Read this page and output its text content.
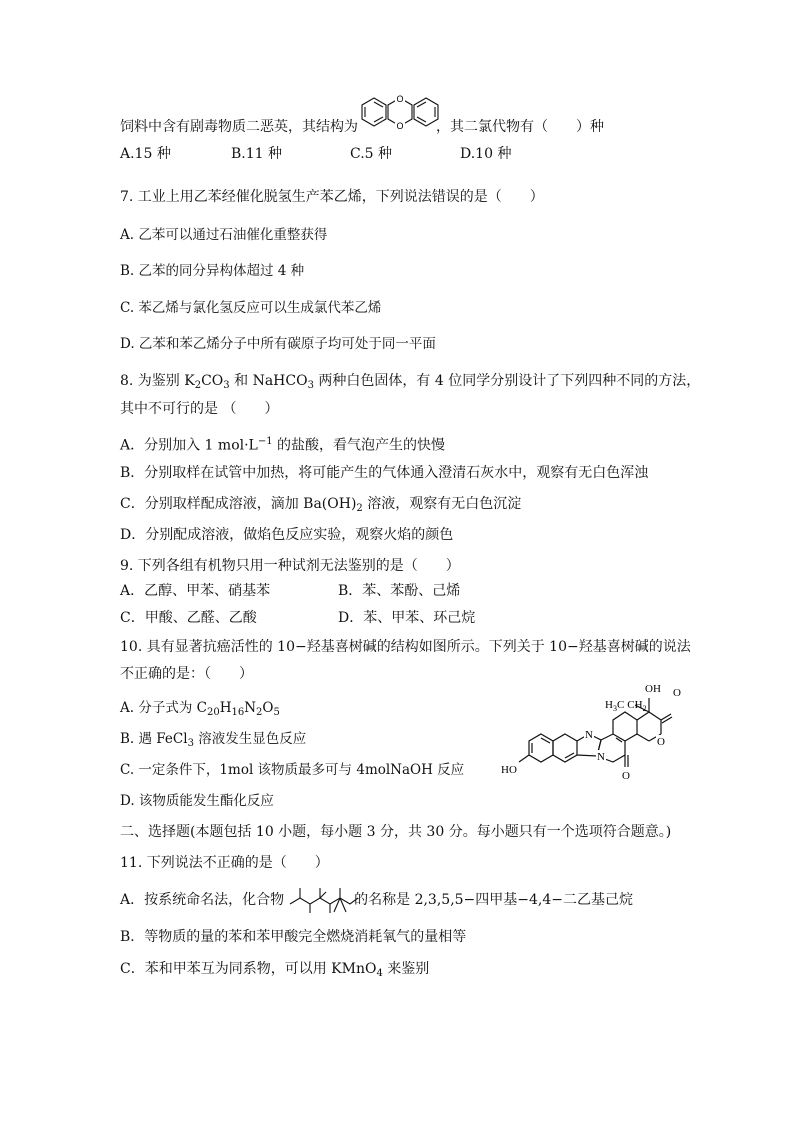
饲料中含有剧毒物质二恶英，其结构为	，其二氯代物有（　　）种
O
O
A.15 种	B.11 种	C.5 种	D.10 种
7. 工业上用乙苯经催化脱氢生产苯乙烯，下列说法错误的是（　　）
A. 乙苯可以通过石油催化重整获得
B. 乙苯的同分异构体超过 4 种
C. 苯乙烯与氯化氢反应可以生成氯代苯乙烯
D. 乙苯和苯乙烯分子中所有碳原子均可处于同一平面
8. 为鉴别 $K_2CO_3$ 和 NaHCO$_3$ 两种白色固体，有 4 位同学分别设计了下列四种不同的方法，
其中不可行的是 （　　）
A．分别加入 1 $mol\cdot L^{-1}$ 的盐酸，看气泡产生的快慢
B．分别取样在试管中加热，将可能产生的气体通入澄清石灰水中，观察有无白色浑浊
C．分别取样配成溶液，滴加 $Ba(OH)_2$ 溶液，观察有无白色沉淀
D．分别配成溶液，做焰色反应实验，观察火焰的颜色
9. 下列各组有机物只用一种试剂无法鉴别的是（　　）
A．乙醇、甲苯、硝基苯	B．苯、苯酚、己烯
C．甲酸、乙醛、乙酸	D．苯、甲苯、环己烷
10. 具有显著抗癌活性的 10−羟基喜树碱的结构如图所示。下列关于 10−羟基喜树碱的说法
不正确的是：（　　）
A. 分子式为 $C_{20}H_{16}N_2O_5$
B. 遇 FeCl$_3$ 溶液发生显色反应
C. 一定条件下，1mol 该物质最多可与 4molNaOH 反应
D. 该物质能发生酯化反应
OH O
$H_3C$ $CH_2$
N
N
O
O
HO
二、选择题(本题包括 10 小题，每小题 3 分，共 30 分。每小题只有一个选项符合题意。)
11. 下列说法不正确的是（　　）
A．按系统命名法，化合物	的名称是 2,3,5,5−四甲基−4,4−二乙基己烷
B．等物质的量的苯和苯甲酸完全燃烧消耗氧气的量相等
C．苯和甲苯互为同系物，可以用 KMnO$_4$ 来鉴别
